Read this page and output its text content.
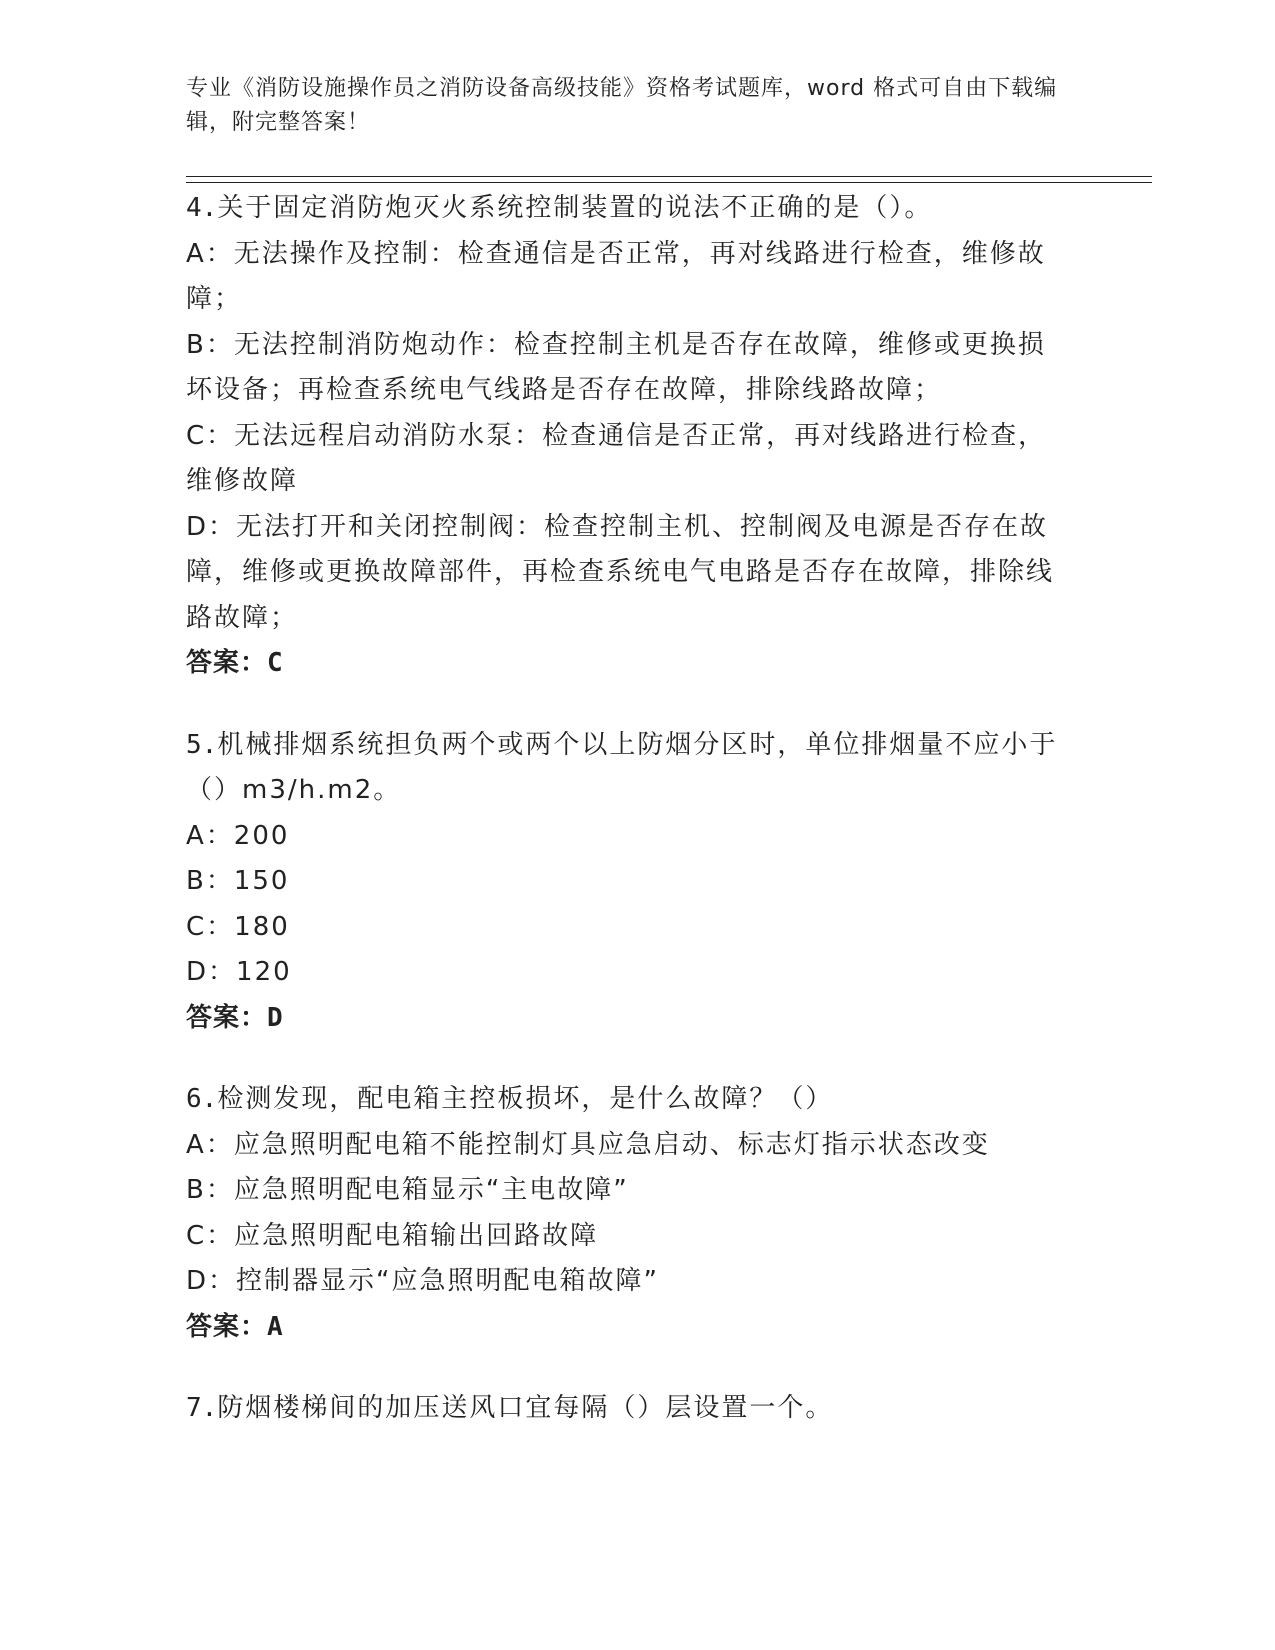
专业《消防设施操作员之消防设备高级技能》资格考试题库，word 格式可自由下载编辑，附完整答案！

4.关于固定消防炮灭火系统控制装置的说法不正确的是（）。

A：无法操作及控制：检查通信是否正常，再对线路进行检查，维修故障；

B：无法控制消防炮动作：检查控制主机是否存在故障，维修或更换损坏设备；再检查系统电气线路是否存在故障，排除线路故障；

C：无法远程启动消防水泵：检查通信是否正常，再对线路进行检查，维修故障

D：无法打开和关闭控制阀：检查控制主机、控制阀及电源是否存在故障，维修或更换故障部件，再检查系统电气电路是否存在故障，排除线路故障；

答案：C

5.机械排烟系统担负两个或两个以上防烟分区时，单位排烟量不应小于（）m3/h.m2。

A：200

B：150

C：180

D：120

答案：D

6.检测发现，配电箱主控板损坏，是什么故障？（）

A：应急照明配电箱不能控制灯具应急启动、标志灯指示状态改变

B：应急照明配电箱显示“主电故障”

C：应急照明配电箱输出回路故障

D：控制器显示“应急照明配电箱故障”

答案：A

7.防烟楼梯间的加压送风口宜每隔（）层设置一个。
